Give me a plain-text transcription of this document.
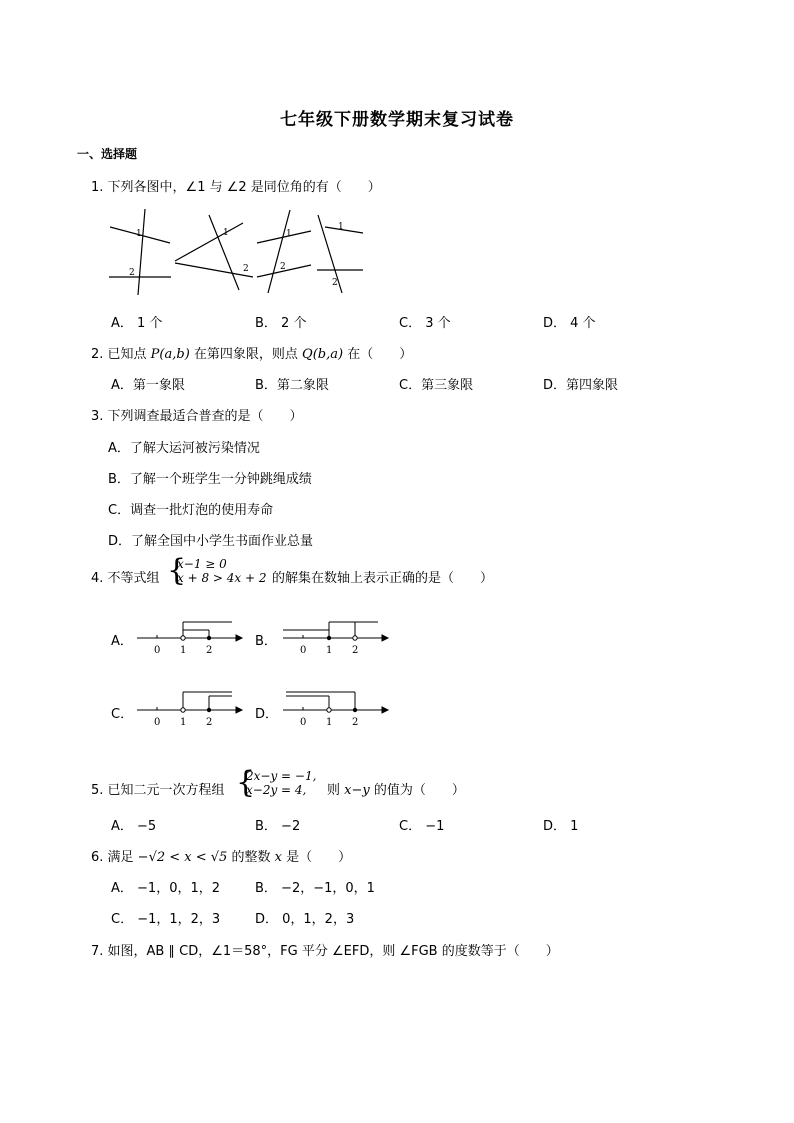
七年级下册数学期末复习试卷
一、选择题
1. 下列各图中，∠1 与 ∠2 是同位角的有（　　）
1
2
1
2
1
2
1
2
A． 1 个	B． 2 个	C． 3 个	D． 4 个
2. 已知点 P(a,b) 在第四象限，则点 Q(b,a) 在（　　）
A．第一象限	B．第二象限	C．第三象限	D．第四象限
3. 下列调查最适合普查的是（　　）
A．了解大运河被污染情况
B．了解一个班学生一分钟跳绳成绩
C．调查一批灯泡的使用寿命
D．了解全国中小学生书面作业总量
4. 不等式组 {
x−1 ≥ 0
x + 8 > 4x + 2 的解集在数轴上表示正确的是（　　）
A．	B．
C．	D．
0 1 2	0 1 2
0 1 2	0 1 2
5. 已知二元一次方程组 {
2x−y = −1,
x−2y = 4, 则 x−y 的值为（　　）
A． −5	B． −2	C． −1	D． 1
6. 满足 −√2 < x < √5 的整数 x 是（　　）
A． −1，0，1，2	B． −2，−1，0，1
C． −1，1，2，3	D． 0，1，2，3
7. 如图，AB ∥ CD，∠1＝58°，FG 平分 ∠EFD，则 ∠FGB 的度数等于（　　）
